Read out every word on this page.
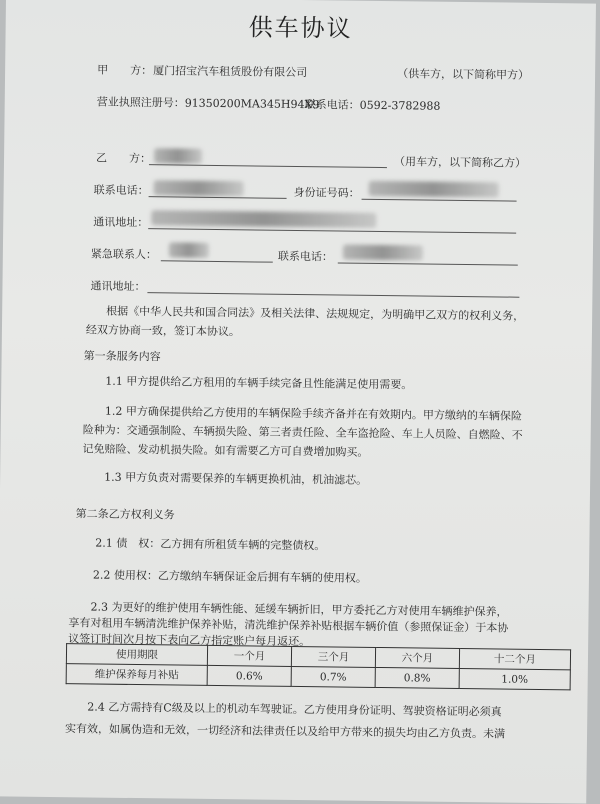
供车协议
甲　　方： 厦门招宝汽车租赁股份有限公司	（供车方，以下简称甲方）
营业执照注册号：91350200MA345H94X9
联系电话：0592-3782988
乙　　方：	（用车方，以下简称乙方）
联系电话：	身份证号码：
通讯地址：
紧急联系人：	联系电话：
通讯地址：
根据《中华人民共和国合同法》及相关法律、法规规定，为明确甲乙双方的权利义务，
经双方协商一致，签订本协议。
第一条服务内容
1.1 甲方提供给乙方租用的车辆手续完备且性能满足使用需要。
1.2 甲方确保提供给乙方使用的车辆保险手续齐备并在有效期内。甲方缴纳的车辆保险
险种为：交通强制险、车辆损失险、第三者责任险、全车盗抢险、车上人员险、自燃险、不
记免赔险、发动机损失险。如有需要乙方可自费增加购买。
1.3 甲方负责对需要保养的车辆更换机油，机油滤芯。
第二条乙方权利义务
2.1 债　权：乙方拥有所租赁车辆的完整债权。
2.2 使用权：乙方缴纳车辆保证金后拥有车辆的使用权。
2.3 为更好的维护使用车辆性能、延缓车辆折旧，甲方委托乙方对使用车辆维护保养，
享有对租用车辆清洗维护保养补贴，清洗维护保养补贴根据车辆价值（参照保证金）于本协
议签订时间次月按下表向乙方指定账户每月返还。
使用期限	一个月	三个月	六个月	十二个月
维护保养每月补贴	0.6%	0.7%	0.8%	1.0%
2.4 乙方需持有C级及以上的机动车驾驶证。乙方使用身份证明、驾驶资格证明必须真
实有效，如属伪造和无效，一切经济和法律责任以及给甲方带来的损失均由乙方负责。未满
